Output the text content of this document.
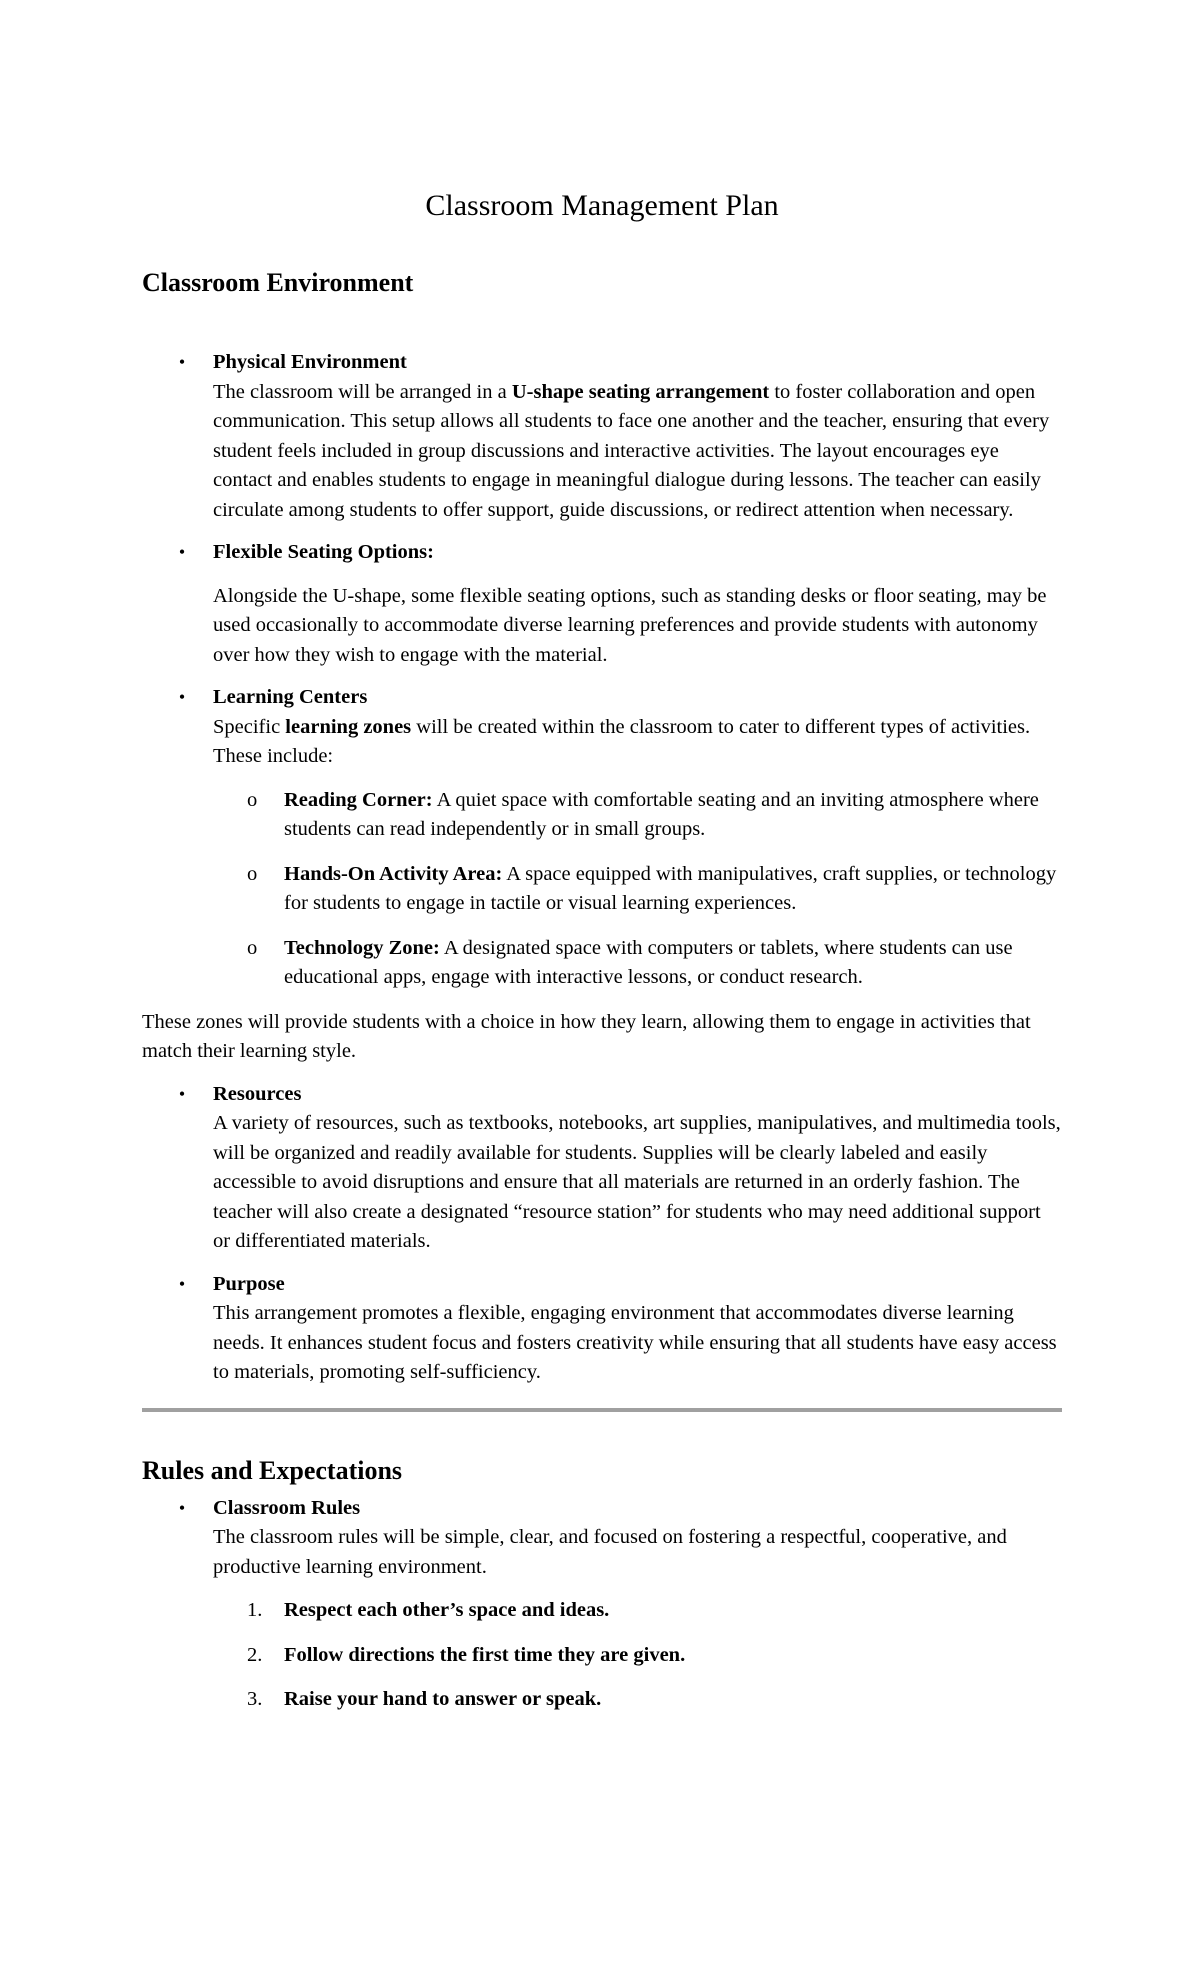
Classroom Management Plan
Classroom Environment
•	Physical Environment
The classroom will be arranged in a U-shape seating arrangement to foster collaboration and open communication. This setup allows all students to face one another and the teacher, ensuring that every student feels included in group discussions and interactive activities. The layout encourages eye contact and enables students to engage in meaningful dialogue during lessons. The teacher can easily circulate among students to offer support, guide discussions, or redirect attention when necessary.
•	Flexible Seating Options:
Alongside the U-shape, some flexible seating options, such as standing desks or floor seating, may be used occasionally to accommodate diverse learning preferences and provide students with autonomy over how they wish to engage with the material.
•	Learning Centers
Specific learning zones will be created within the classroom to cater to different types of activities. These include:
o Reading Corner: A quiet space with comfortable seating and an inviting atmosphere where students can read independently or in small groups.
o Hands-On Activity Area: A space equipped with manipulatives, craft supplies, or technology for students to engage in tactile or visual learning experiences.
o Technology Zone: A designated space with computers or tablets, where students can use educational apps, engage with interactive lessons, or conduct research.

These zones will provide students with a choice in how they learn, allowing them to engage in activities that match their learning style.

•	Resources
A variety of resources, such as textbooks, notebooks, art supplies, manipulatives, and multimedia tools, will be organized and readily available for students. Supplies will be clearly labeled and easily accessible to avoid disruptions and ensure that all materials are returned in an orderly fashion. The teacher will also create a designated “resource station” for students who may need additional support or differentiated materials.
•	Purpose
This arrangement promotes a flexible, engaging environment that accommodates diverse learning needs. It enhances student focus and fosters creativity while ensuring that all students have easy access to materials, promoting self-sufficiency.
Rules and Expectations
•	Classroom Rules
The classroom rules will be simple, clear, and focused on fostering a respectful, cooperative, and productive learning environment.
1. Respect each other’s space and ideas.
2. Follow directions the first time they are given.
3. Raise your hand to answer or speak.
